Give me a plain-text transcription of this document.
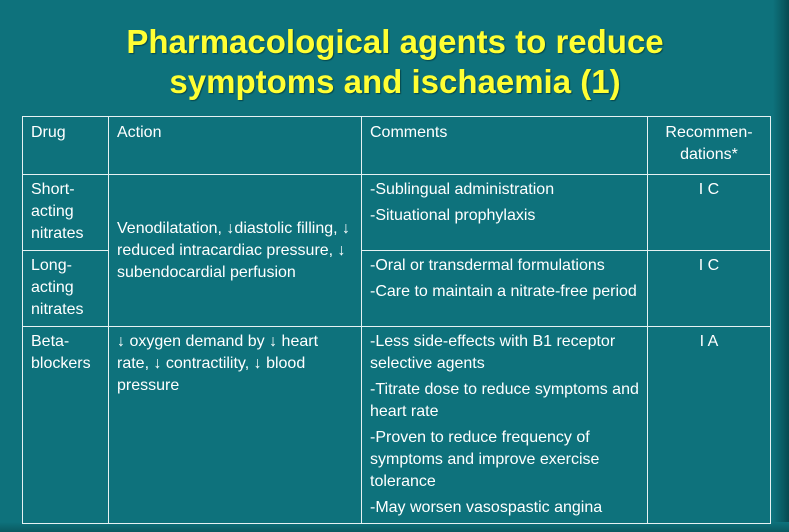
Pharmacological agents to reduce
symptoms and ischaemia (1)
Drug	Action	Comments	Recommen-
dations*

Short-
acting
nitrates	Venodilatation, ↓diastolic filling, ↓ reduced intracardiac pressure, ↓ subendocardial perfusion	-Sublingual administration
-Situational prophylaxis	I C

Long-
acting
nitrates		-Oral or transdermal formulations
-Care to maintain a nitrate-free period	I C

Beta-
blockers	↓ oxygen demand by ↓ heart rate, ↓ contractility, ↓ blood pressure	-Less side-effects with B1 receptor selective agents
-Titrate dose to reduce symptoms and heart rate
-Proven to reduce frequency of symptoms and improve exercise tolerance
-May worsen vasospastic angina	I A
